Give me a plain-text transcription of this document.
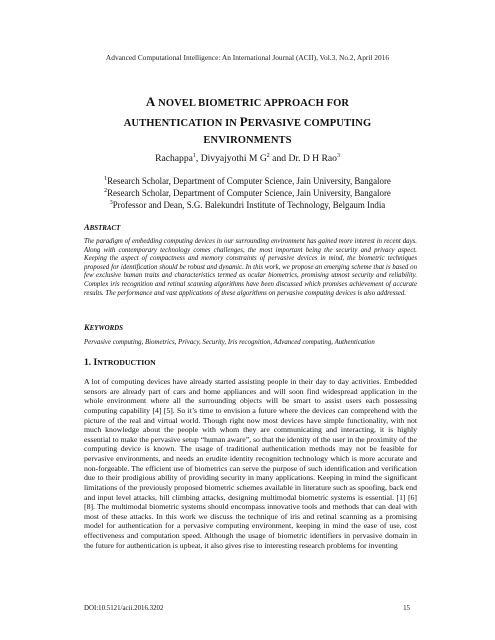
Advanced Computational Intelligence: An International Journal (ACII), Vol.3, No.2, April 2016
A NOVEL BIOMETRIC APPROACH FOR
AUTHENTICATION IN PERVASIVE COMPUTING
ENVIRONMENTS
Rachappa$^1$, Divyajyothi M $G^2$ and Dr. D H Rao$^3$
$^1$Research Scholar, Department of Computer Science, Jain University, Bangalore
$^2$Research Scholar, Department of Computer Science, Jain University, Bangalore
$^3$Professor and Dean, S.G. Balekundri Institute of Technology, Belgaum India
ABSTRACT
The paradigm of embedding computing devices in our surrounding environment has gained more interest in recent days. Along with contemporary technology comes challenges, the most important being the security and privacy aspect. Keeping the aspect of compactness and memory constraints of pervasive devices in mind, the biometric techniques proposed for identification should be robust and dynamic. In this work, we propose an emerging scheme that is based on few exclusive human traits and characteristics termed as ocular biometrics, promising utmost security and reliability. Complex iris recognition and retinal scanning algorithms have been discussed which promises achievement of accurate results. The performance and vast applications of these algorithms on pervasive computing devices is also addressed.
KEYWORDS
Pervasive computing, Biometrics, Privacy, Security, Iris recognition, Advanced computing, Authentication
1. INTRODUCTION
A lot of computing devices have already started assisting people in their day to day activities. Embedded sensors are already part of cars and home appliances and will soon find widespread application in the whole environment where all the surrounding objects will be smart to assist users each possessing computing capability [4] [5]. So it’s time to envision a future where the devices can comprehend with the picture of the real and virtual world. Though right now most devices have simple functionality, with not much knowledge about the people with whom they are communicating and interacting, it is highly essential to make the pervasive setup “human aware”, so that the identity of the user in the proximity of the computing device is known. The usage of traditional authentication methods may not be feasible for pervasive environments, and needs an erudite identity recognition technology which is more accurate and non-forgeable. The efficient use of biometrics can serve the purpose of such identification and verification due to their prodigious ability of providing security in many applications. Keeping in mind the significant limitations of the previously proposed biometric schemes available in literature such as spoofing, back end and input level attacks, hill climbing attacks, designing multimodal biometric systems is essential. [1] [6] [8]. The multimodal biometric systems should encompass innovative tools and methods that can deal with most of these attacks. In this work we discuss the technique of iris and retinal scanning as a promising model for authentication for a pervasive computing environment, keeping in mind the ease of use, cost effectiveness and computation speed. Although the usage of biometric identifiers in pervasive domain in the future for authentication is upbeat, it also gives rise to interesting research problems for inventing
DOI:10.5121/acii.2016.3202	15
